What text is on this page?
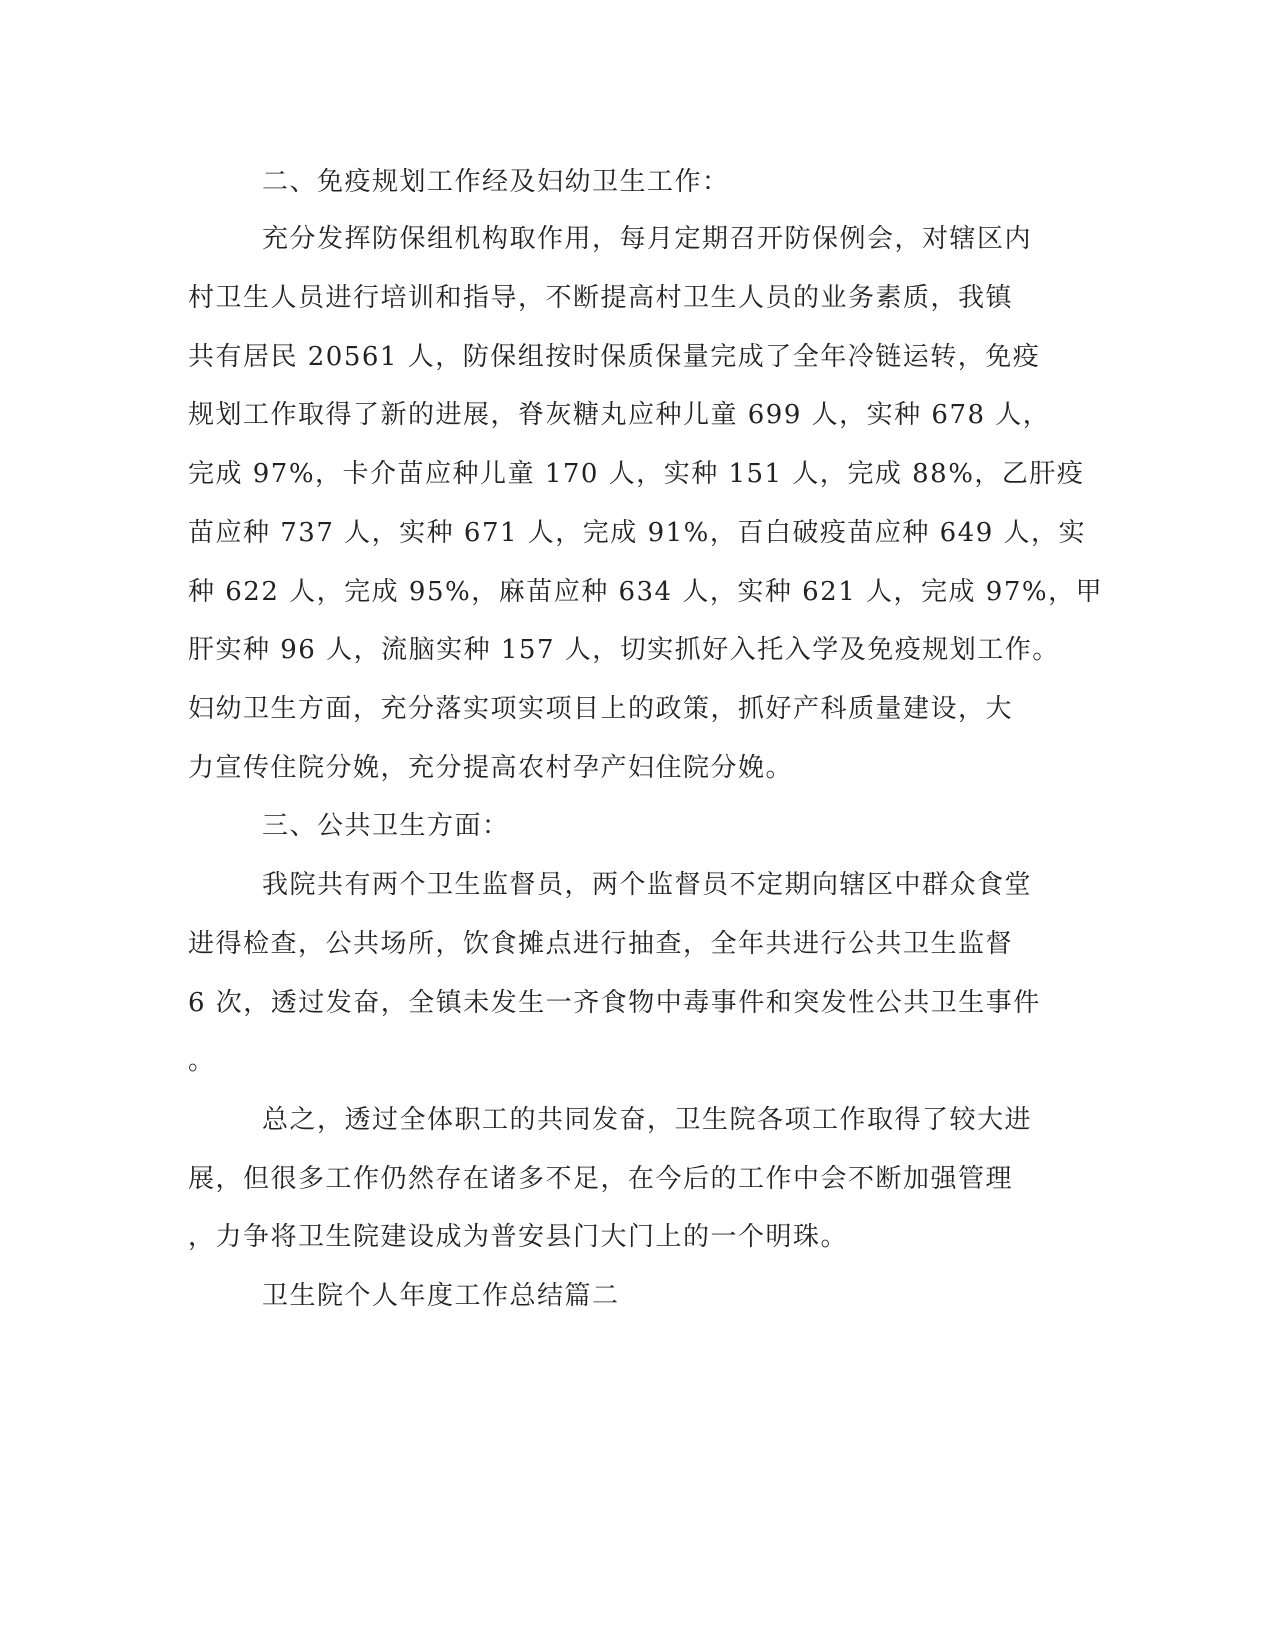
二、免疫规划工作经及妇幼卫生工作：

充分发挥防保组机构取作用，每月定期召开防保例会，对辖区内

村卫生人员进行培训和指导，不断提高村卫生人员的业务素质，我镇

共有居民 20561 人，防保组按时保质保量完成了全年冷链运转，免疫

规划工作取得了新的进展，脊灰糖丸应种儿童 699 人，实种 678 人，

完成 97%，卡介苗应种儿童 170 人，实种 151 人，完成 88%，乙肝疫

苗应种 737 人，实种 671 人，完成 91%，百白破疫苗应种 649 人，实

种 622 人，完成 95%，麻苗应种 634 人，实种 621 人，完成 97%，甲

肝实种 96 人，流脑实种 157 人，切实抓好入托入学及免疫规划工作。

妇幼卫生方面，充分落实项实项目上的政策，抓好产科质量建设，大

力宣传住院分娩，充分提高农村孕产妇住院分娩。

三、公共卫生方面：

我院共有两个卫生监督员，两个监督员不定期向辖区中群众食堂

进得检查，公共场所，饮食摊点进行抽查，全年共进行公共卫生监督

6 次，透过发奋，全镇未发生一齐食物中毒事件和突发性公共卫生事件

。

总之，透过全体职工的共同发奋，卫生院各项工作取得了较大进

展，但很多工作仍然存在诸多不足，在今后的工作中会不断加强管理

，力争将卫生院建设成为普安县门大门上的一个明珠。

卫生院个人年度工作总结篇二
